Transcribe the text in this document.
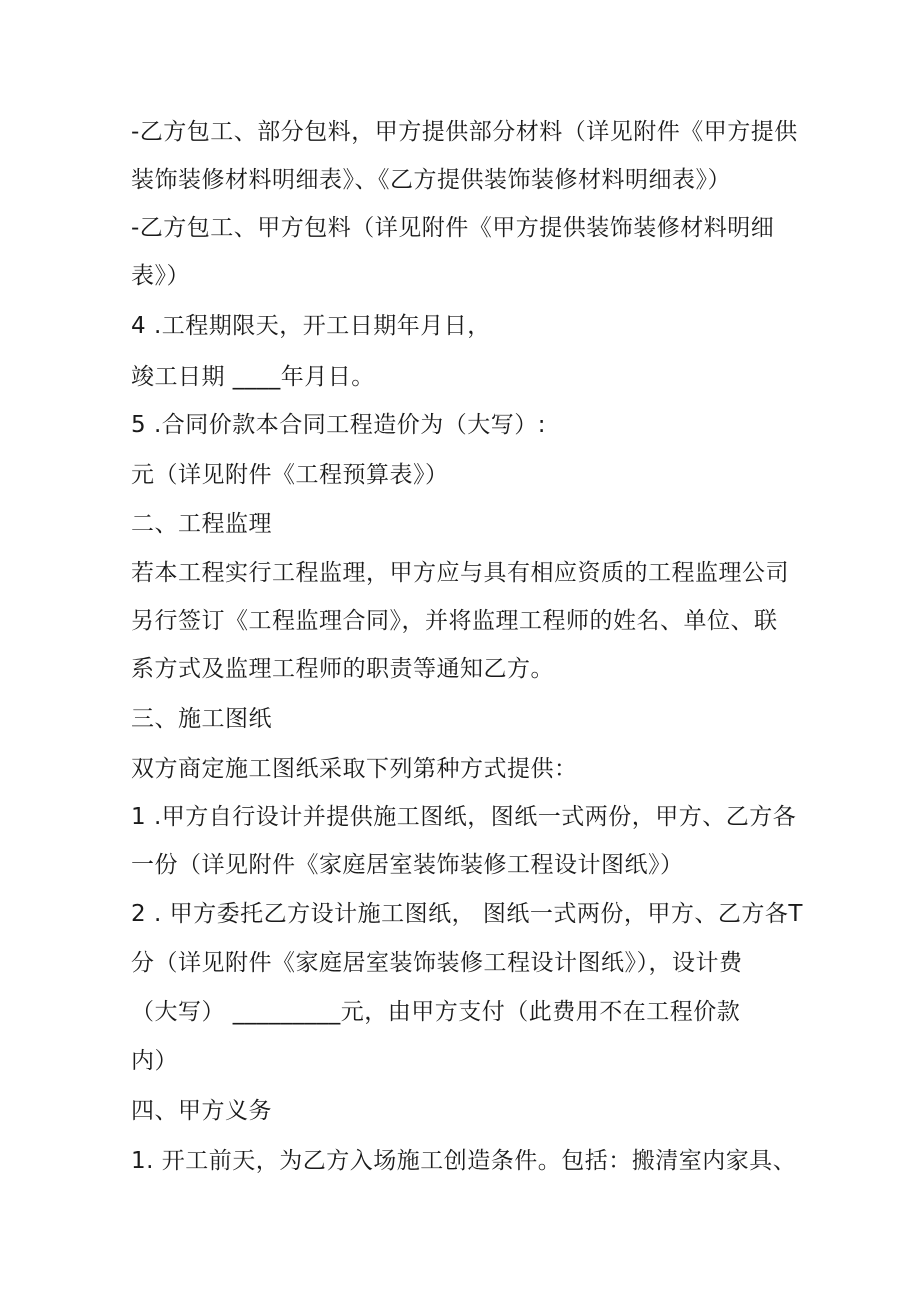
-乙方包工、部分包料，甲方提供部分材料（详见附件《甲方提供
装饰装修材料明细表》、《乙方提供装饰装修材料明细表》）
-乙方包工、甲方包料（详见附件《甲方提供装饰装修材料明细
表》）
4 .工程期限天，开工日期年月日，
竣工日期 ____年月日。
5 .合同价款本合同工程造价为（大写）:
元（详见附件《工程预算表》）
二、工程监理
若本工程实行工程监理，甲方应与具有相应资质的工程监理公司
另行签订《工程监理合同》，并将监理工程师的姓名、单位、联
系方式及监理工程师的职责等通知乙方。
三、施工图纸
双方商定施工图纸采取下列第种方式提供：
1 .甲方自行设计并提供施工图纸，图纸一式两份，甲方、乙方各
一份（详见附件《家庭居室装饰装修工程设计图纸》）
2 . 甲方委托乙方设计施工图纸， 图纸一式两份，甲方、乙方各T
分（详见附件《家庭居室装饰装修工程设计图纸》），设计费
（大写） _________元，由甲方支付（此费用不在工程价款
内）
四、甲方义务
1. 开工前天，为乙方入场施工创造条件。包括：搬清室内家具、
